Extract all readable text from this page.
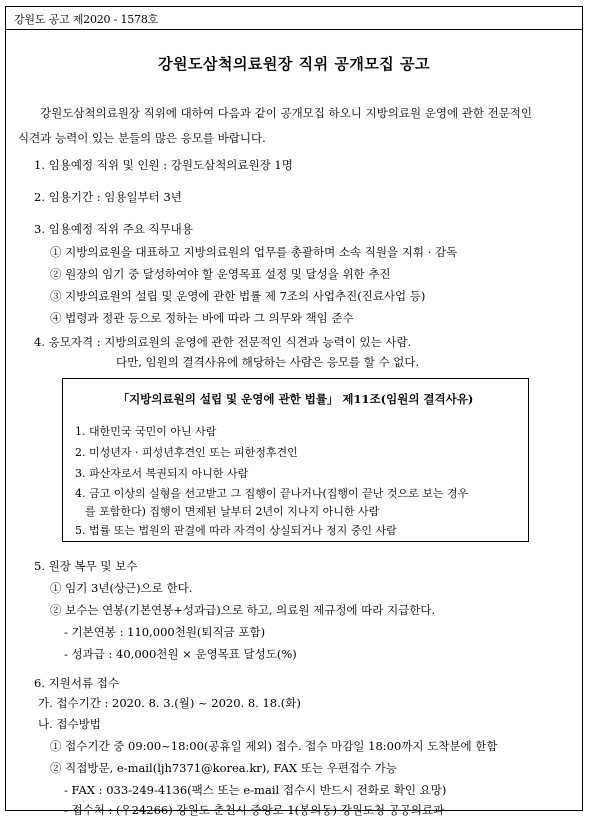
강원도 공고 제2020 - 1578호
강원도삼척의료원장 직위 공개모집 공고
강원도삼척의료원장 직위에 대하여 다음과 같이 공개모집 하오니 지방의료원 운영에 관한 전문적인 식견과 능력이 있는 분들의 많은 응모를 바랍니다.
1. 임용예정 직위 및 인원 : 강원도삼척의료원장 1명
2. 임용기간 : 임용일부터 3년
3. 임용예정 직위 주요 직무내용
① 지방의료원을 대표하고 지방의료원의 업무를 총괄하며 소속 직원을 지휘 · 감독
② 원장의 임기 중 달성하여야 할 운영목표 설정 및 달성을 위한 추진
③ 지방의료원의 설립 및 운영에 관한 법률 제 7조의 사업추진(진료사업 등)
④ 법령과 정관 등으로 정하는 바에 따라 그 의무와 책임 준수
4. 응모자격 : 지방의료원의 운영에 관한 전문적인 식견과 능력이 있는 사람.
다만, 임원의 결격사유에 해당하는 사람은 응모를 할 수 없다.
「지방의료원의 설립 및 운영에 관한 법률」 제11조(임원의 결격사유)
1. 대한민국 국민이 아닌 사람
2. 미성년자 · 피성년후견인 또는 피한정후견인
3. 파산자로서 복권되지 아니한 사람
4. 금고 이상의 실형을 선고받고 그 집행이 끝나거나(집행이 끝난 것으로 보는 경우
를 포함한다) 집행이 면제된 날부터 2년이 지나지 아니한 사람
5. 법률 또는 법원의 판결에 따라 자격이 상실되거나 정지 중인 사람
5. 원장 복무 및 보수
① 임기 3년(상근)으로 한다.
② 보수는 연봉(기본연봉+성과급)으로 하고, 의료원 제규정에 따라 지급한다.
- 기본연봉 : 110,000천원(퇴직금 포함)
- 성과급 : 40,000천원 × 운영목표 달성도(%)
6. 지원서류 접수
가. 접수기간 : 2020. 8. 3.(월) ~ 2020. 8. 18.(화)
나. 접수방법
① 접수기간 중 09:00~18:00(공휴일 제외) 접수. 접수 마감일 18:00까지 도착분에 한함
② 직접방문, e-mail(ljh7371@korea.kr), FAX 또는 우편접수 가능
- FAX : 033-249-4136(팩스 또는 e-mail 접수시 반드시 전화로 확인 요망)
- 접수처 : (우24266) 강원도 춘천시 중앙로 1(봉의동) 강원도청 공공의료과
